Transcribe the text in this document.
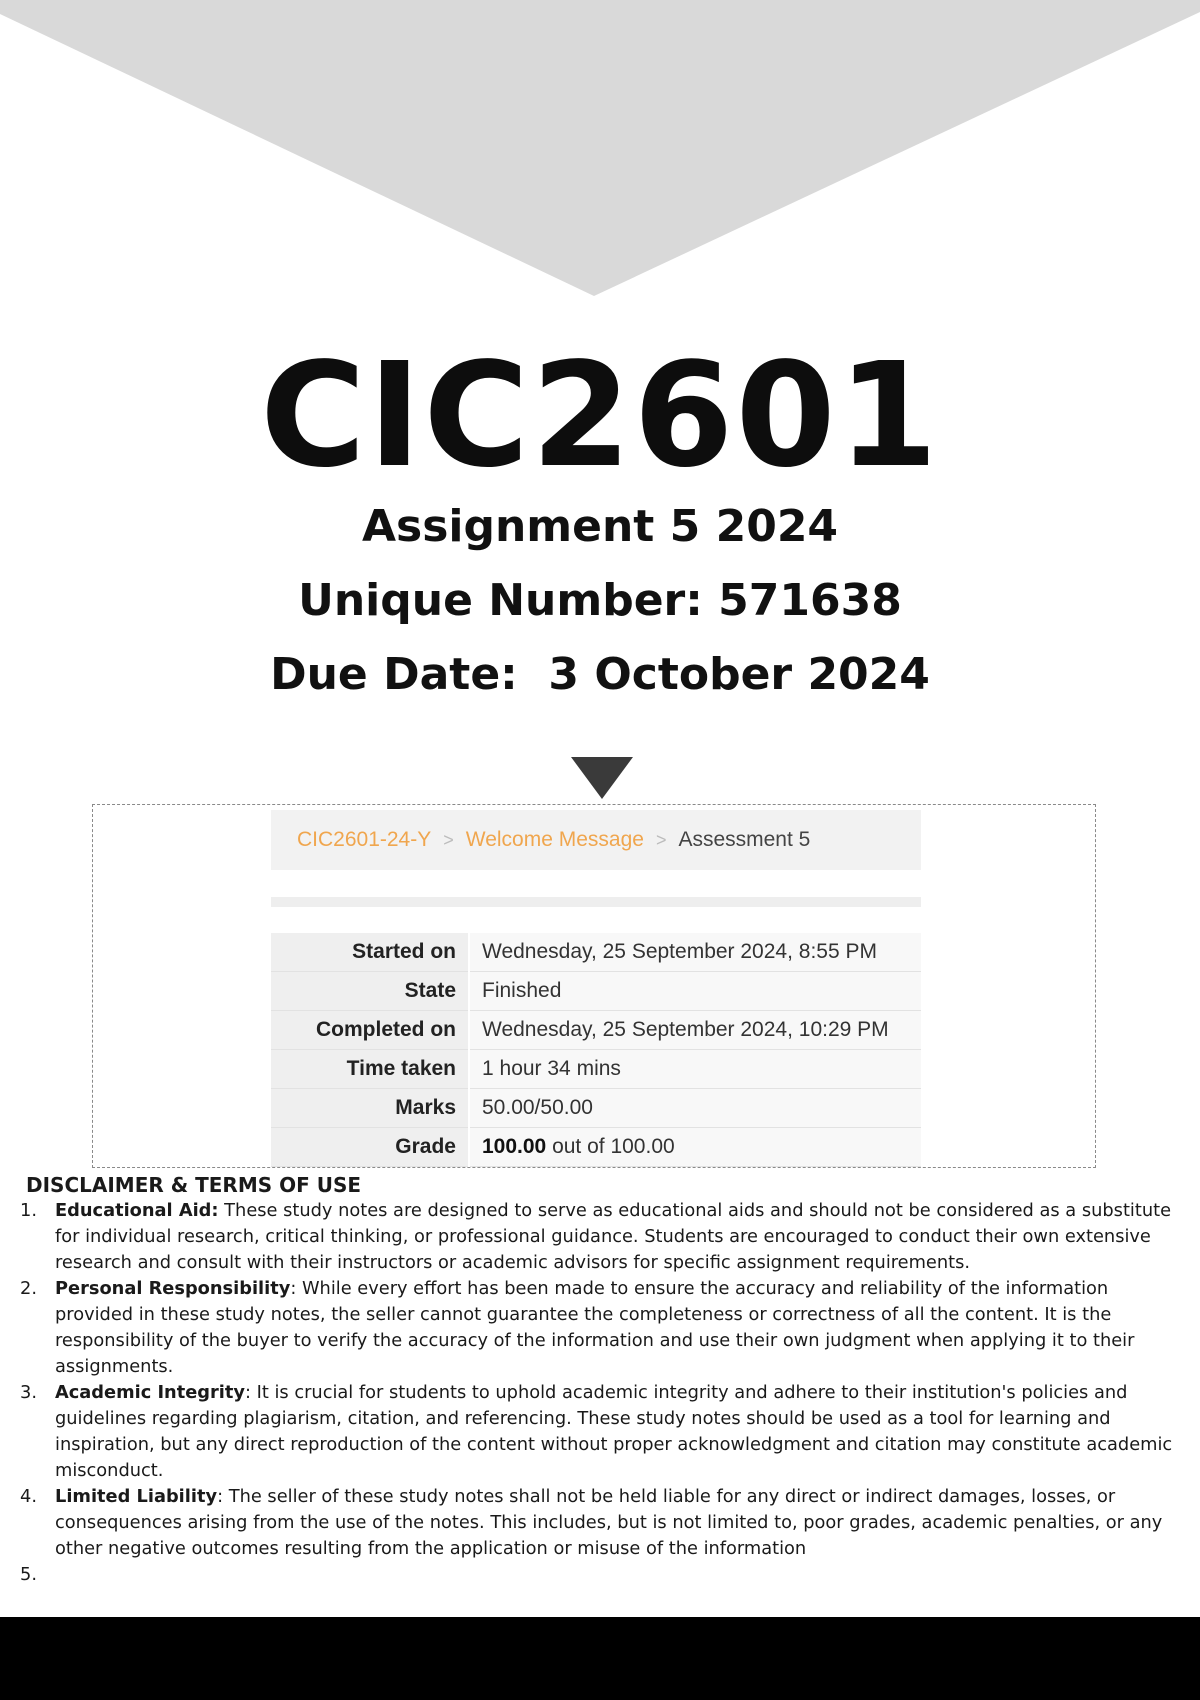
CIC2601
Assignment 5 2024
Unique Number: 571638
Due Date:  3 October 2024
CIC2601-24-Y > Welcome Message > Assessment 5
Started on	Wednesday, 25 September 2024, 8:55 PM
State	Finished
Completed on	Wednesday, 25 September 2024, 10:29 PM
Time taken	1 hour 34 mins
Marks	50.00/50.00
Grade	100.00 out of 100.00
DISCLAIMER & TERMS OF USE
1. Educational Aid: These study notes are designed to serve as educational aids and should not be considered as a substitute for individual research, critical thinking, or professional guidance. Students are encouraged to conduct their own extensive research and consult with their instructors or academic advisors for specific assignment requirements.
2. Personal Responsibility: While every effort has been made to ensure the accuracy and reliability of the information provided in these study notes, the seller cannot guarantee the completeness or correctness of all the content. It is the responsibility of the buyer to verify the accuracy of the information and use their own judgment when applying it to their assignments.
3. Academic Integrity: It is crucial for students to uphold academic integrity and adhere to their institution's policies and guidelines regarding plagiarism, citation, and referencing. These study notes should be used as a tool for learning and inspiration, but any direct reproduction of the content without proper acknowledgment and citation may constitute academic misconduct.
4. Limited Liability: The seller of these study notes shall not be held liable for any direct or indirect damages, losses, or consequences arising from the use of the notes. This includes, but is not limited to, poor grades, academic penalties, or any other negative outcomes resulting from the application or misuse of the information
5.
